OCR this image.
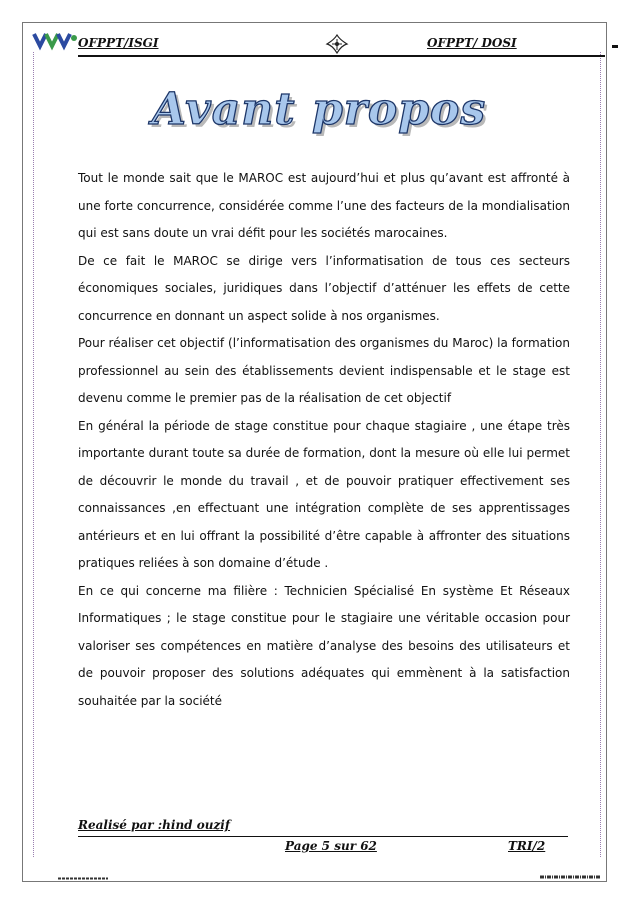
OFPPT/ISGI	OFPPT/ DOSI
Avant propos

Tout le monde sait que le MAROC est aujourd’hui et plus qu’avant est affronté à une forte concurrence, considérée comme l’une des facteurs de la mondialisation qui est sans doute un vrai défit pour les sociétés marocaines.

De ce fait le MAROC se dirige vers l’informatisation de tous ces secteurs économiques sociales, juridiques dans l’objectif d’atténuer les effets de cette concurrence en donnant un aspect solide à nos organismes.

Pour réaliser cet objectif (l’informatisation des organismes du Maroc) la formation professionnel au sein des établissements devient indispensable et le stage est devenu comme le premier pas de la réalisation de cet objectif

En général la période de stage constitue pour chaque stagiaire , une étape très importante durant toute sa durée de formation, dont la mesure où elle lui permet de découvrir le monde du travail , et de pouvoir pratiquer effectivement ses connaissances ,en effectuant une intégration complète de ses apprentissages antérieurs et en lui offrant la possibilité d’être capable à affronter des situations pratiques reliées à son domaine d’étude .

En ce qui concerne ma filière : Technicien Spécialisé En système Et Réseaux Informatiques ; le stage constitue pour le stagiaire une véritable occasion pour valoriser ses compétences en matière d’analyse des besoins des utilisateurs et de pouvoir proposer des solutions adéquates qui emmènent à la satisfaction souhaitée par la société

Realisé par :hind ouzif
Page 5 sur 62	TRI/2
